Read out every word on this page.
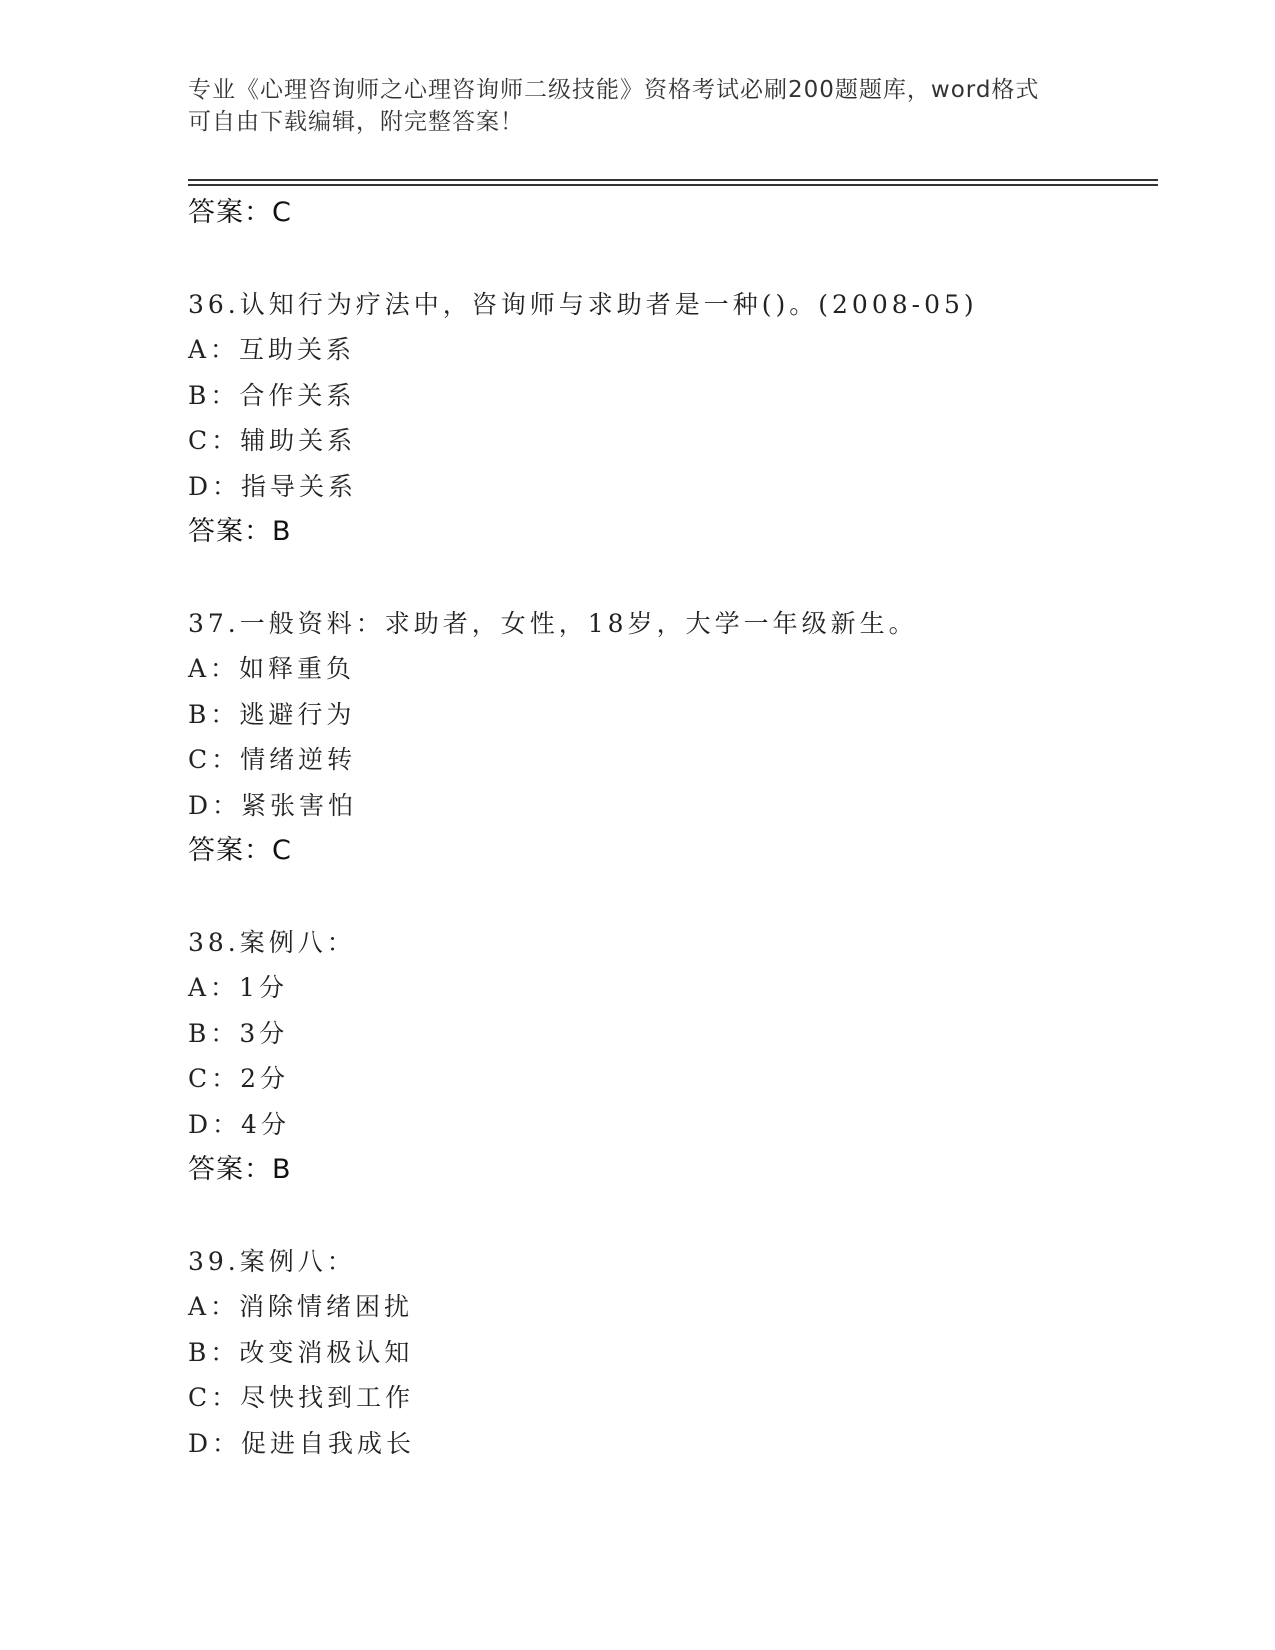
专业《心理咨询师之心理咨询师二级技能》资格考试必刷200题题库，word格式
可自由下载编辑，附完整答案！
答案：C
36.认知行为疗法中，咨询师与求助者是一种()。(2008-05)
A：互助关系
B：合作关系
C：辅助关系
D：指导关系
答案：B
37.一般资料：求助者，女性，18岁，大学一年级新生。
A：如释重负
B：逃避行为
C：情绪逆转
D：紧张害怕
答案：C
38.案例八：
A：1分
B：3分
C：2分
D：4分
答案：B
39.案例八：
A：消除情绪困扰
B：改变消极认知
C：尽快找到工作
D：促进自我成长
